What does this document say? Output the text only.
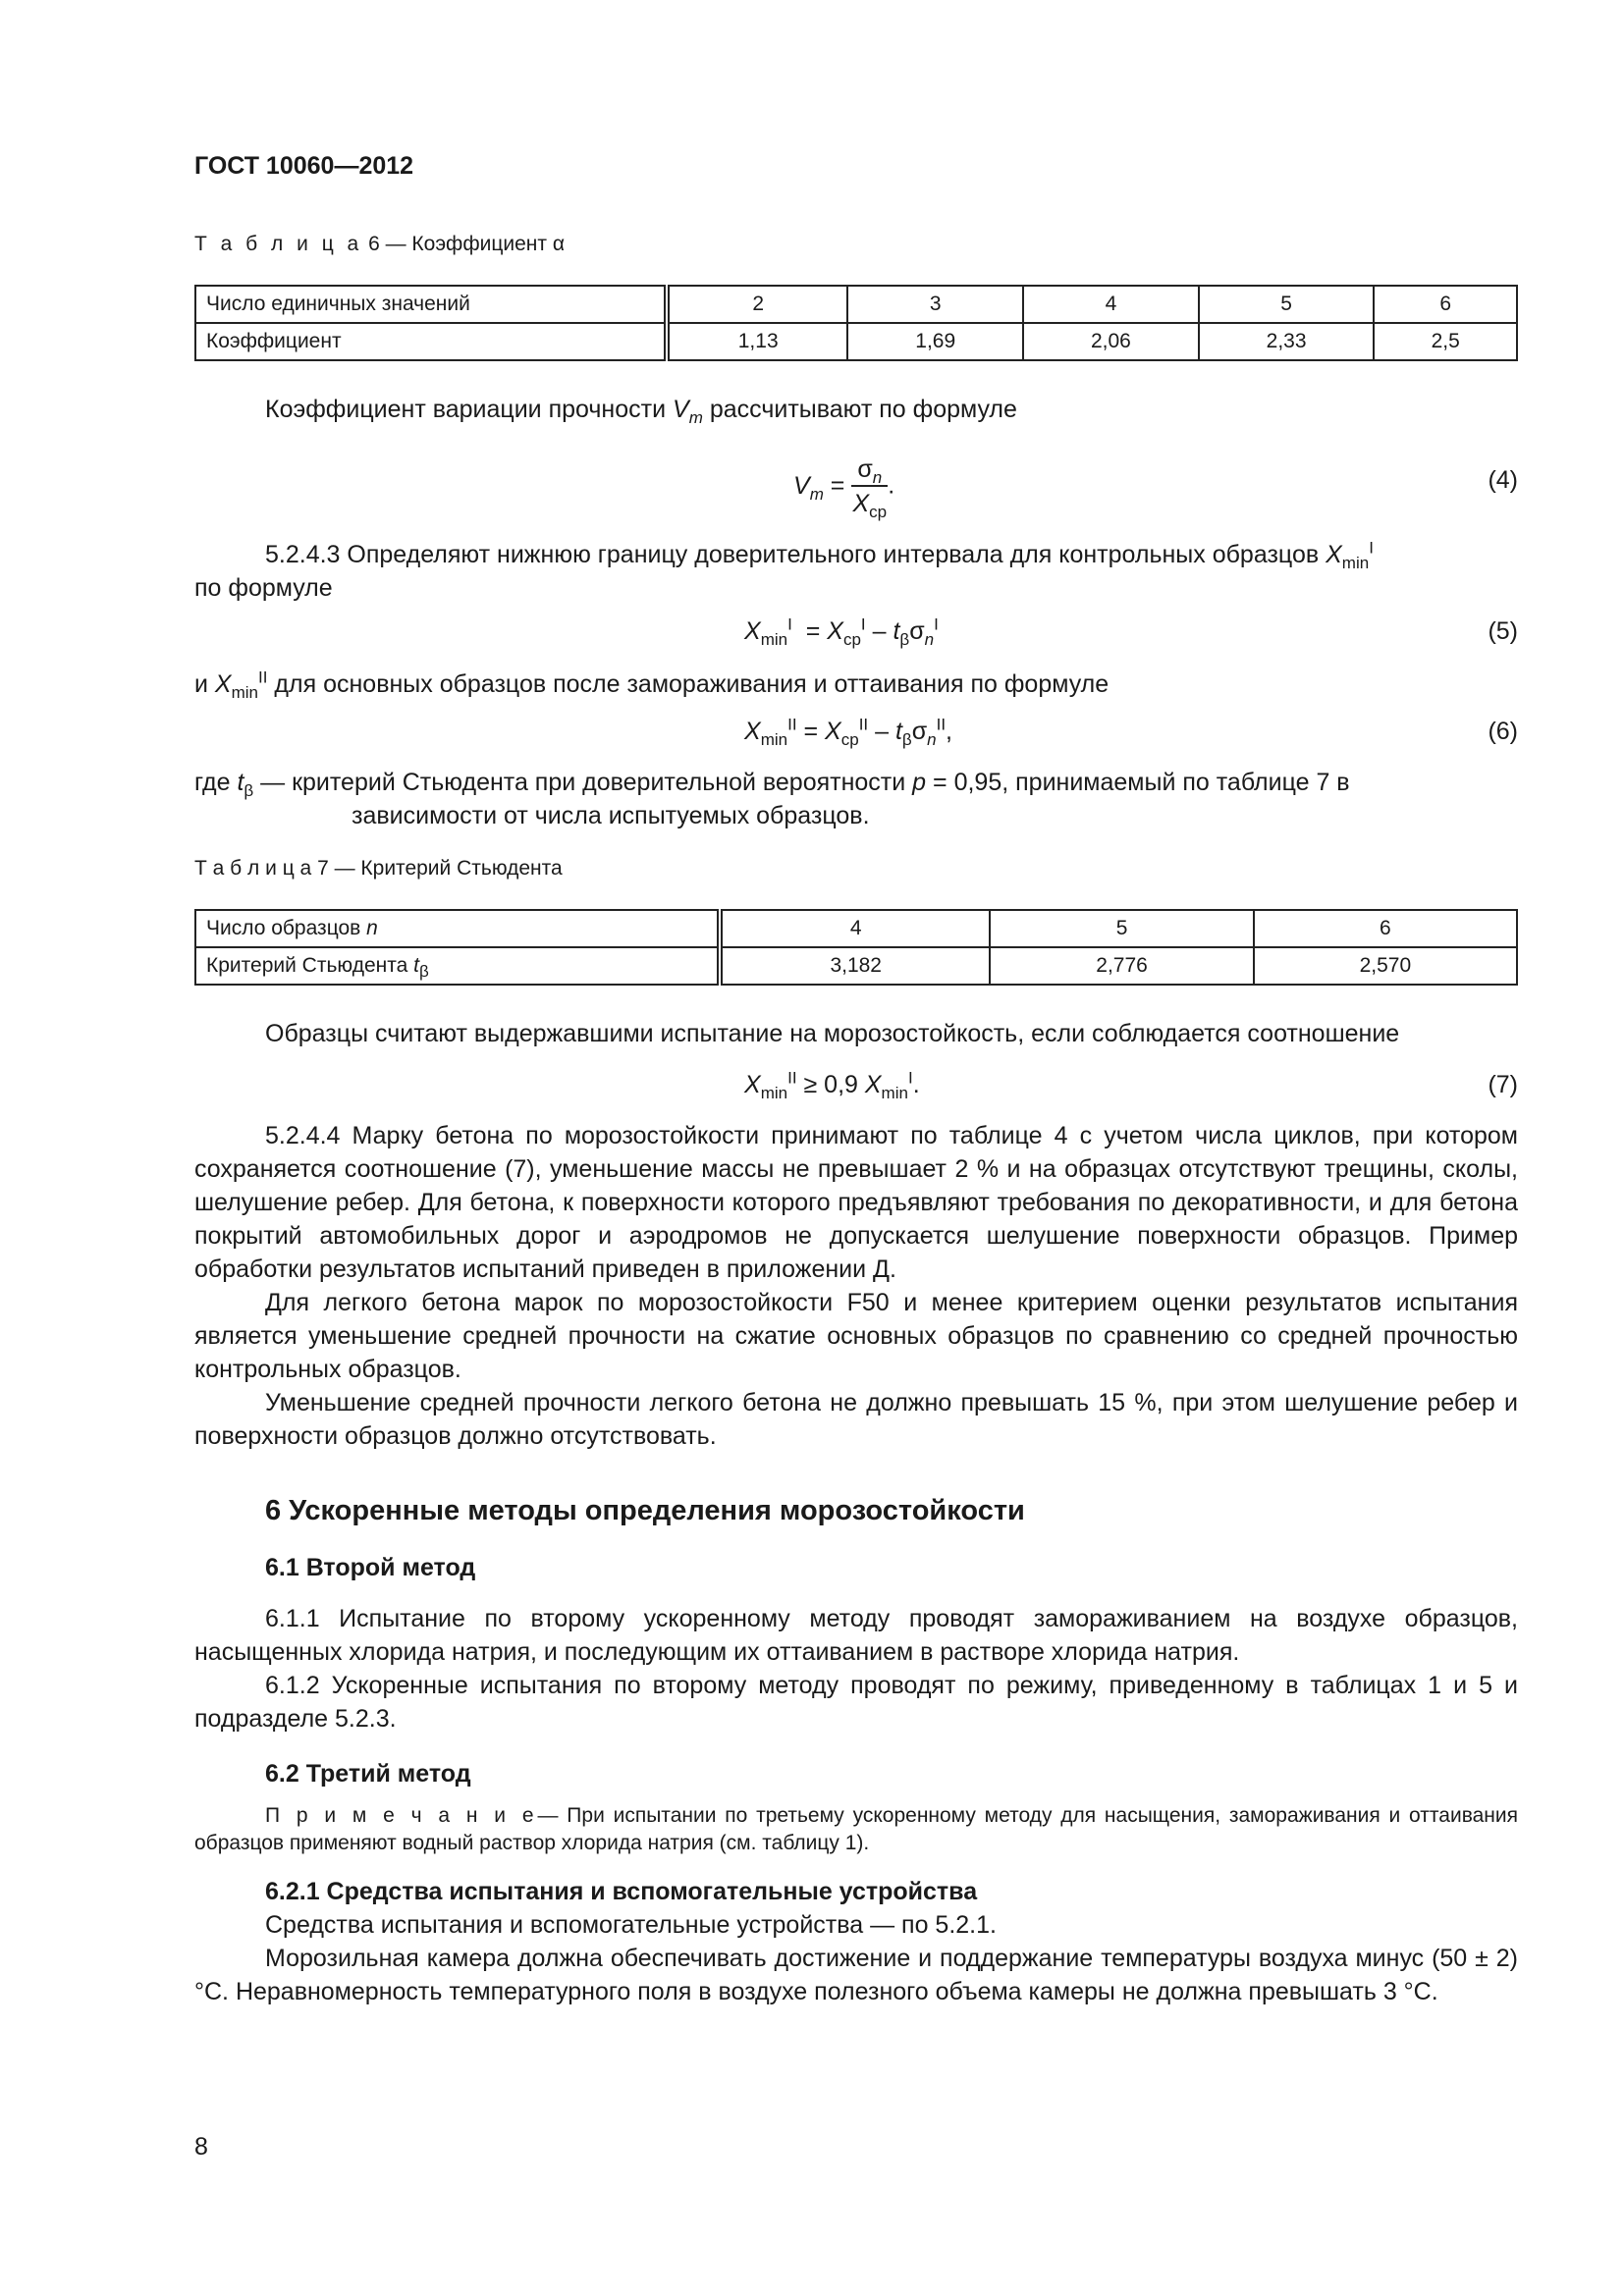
ГОСТ 10060—2012
Т а б л и ц а 6 — Коэффициент α
Число единичных значений	2	3	4	5	6
Коэффициент	1,13	1,69	2,06	2,33	2,5
Коэффициент вариации прочности $V_m$ рассчитывают по формуле
$V_m = \frac{\sigma_n}{X_{ср}}$ .	(4)
5.2.4.3 Определяют нижнюю границу доверительного интервала для контрольных образцов $X_{min}^I$
по формуле
$X_{min}^I = X_{ср}^I - t_\beta\sigma_n^I$	(5)
и $X_{min}^{II}$ для основных образцов после замораживания и оттаивания по формуле
$X_{min}^{II} = X_{ср}^{II} - t_\beta\sigma_n^{II}$,	(6)
где $t_\beta$ — критерий Стьюдента при доверительной вероятности p = 0,95, принимаемый по таблице 7 в
зависимости от числа испытуемых образцов.
Т а б л и ц а 7 — Критерий Стьюдента
Число образцов n	4	5	6
Критерий Стьюдента $t_\beta$	3,182	2,776	2,570
Образцы считают выдержавшими испытание на морозостойкость, если соблюдается соотношение
$X_{min}^{II} \ge 0,9$ $X_{min}^I$.	(7)
5.2.4.4 Марку бетона по морозостойкости принимают по таблице 4 с учетом числа циклов, при котором сохраняется соотношение (7), уменьшение массы не превышает 2 % и на образцах отсутствуют трещины, сколы, шелушение ребер. Для бетона, к поверхности которого предъявляют требования по декоративности, и для бетона покрытий автомобильных дорог и аэродромов не допускается шелушение поверхности образцов. Пример обработки результатов испытаний приведен в приложении Д.
Для легкого бетона марок по морозостойкости F50 и менее критерием оценки результатов испытания является уменьшение средней прочности на сжатие основных образцов по сравнению со средней прочностью контрольных образцов.
Уменьшение средней прочности легкого бетона не должно превышать 15 %, при этом шелушение ребер и поверхности образцов должно отсутствовать.
6 Ускоренные методы определения морозостойкости
6.1 Второй метод
6.1.1 Испытание по второму ускоренному методу проводят замораживанием на воздухе образцов, насыщенных хлорида натрия, и последующим их оттаиванием в растворе хлорида натрия.
6.1.2 Ускоренные испытания по второму методу проводят по режиму, приведенному в таблицах 1 и 5 и подразделе 5.2.3.
6.2 Третий метод
П р и м е ч а н и е— При испытании по третьему ускоренному методу для насыщения, замораживания и оттаивания образцов применяют водный раствор хлорида натрия (см. таблицу 1).
6.2.1 Средства испытания и вспомогательные устройства
Средства испытания и вспомогательные устройства — по 5.2.1.
Морозильная камера должна обеспечивать достижение и поддержание температуры воздуха минус (50 ± 2) °С. Неравномерность температурного поля в воздухе полезного объема камеры не должна превышать 3 °С.
8
